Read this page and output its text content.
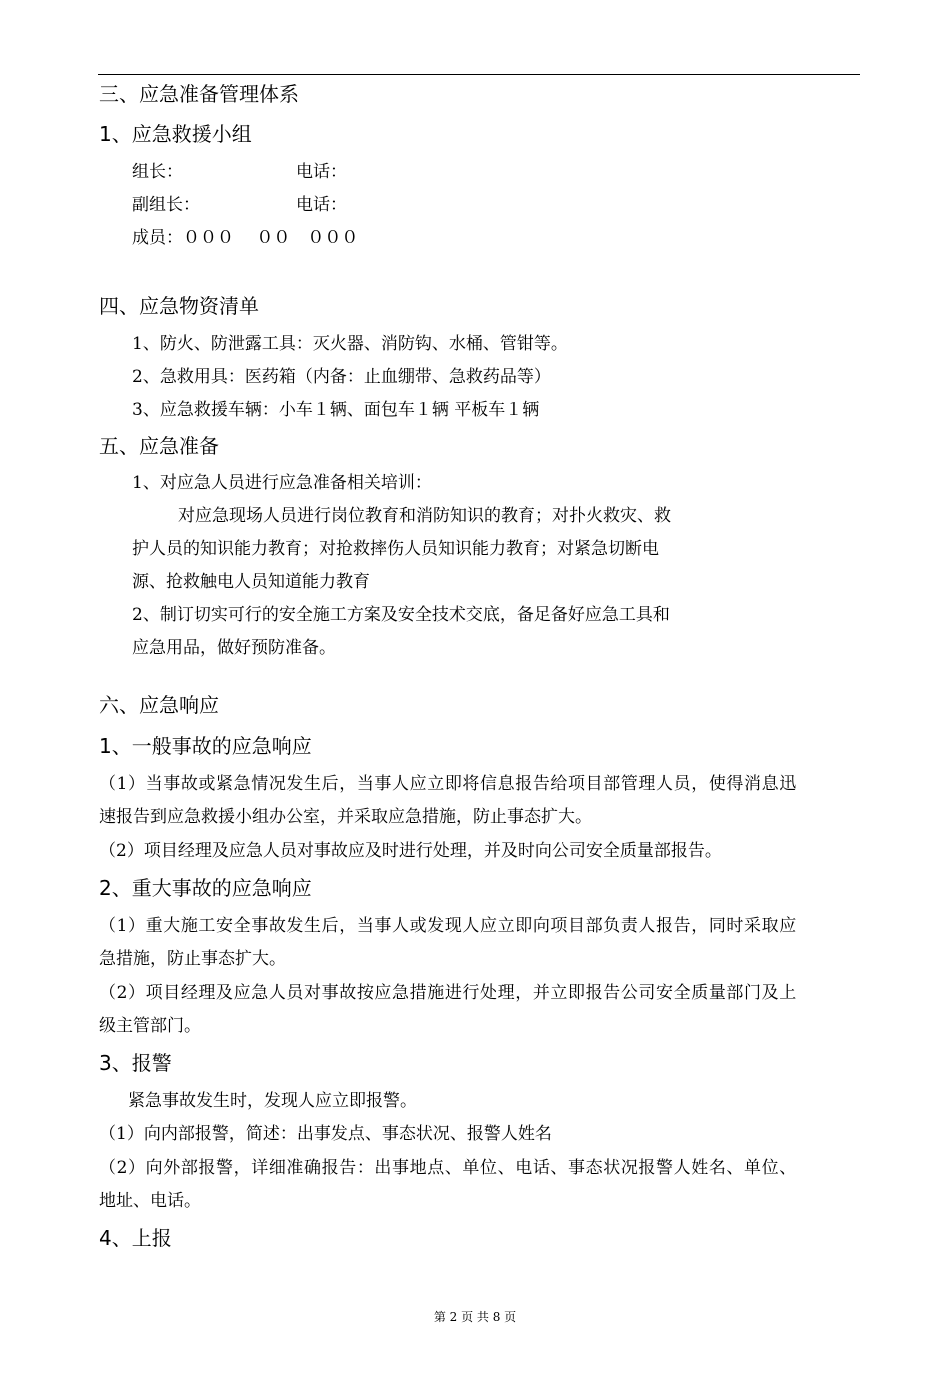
三、应急准备管理体系
1、应急救援小组
组长：	电话：
副组长：	电话：
成员：０００　 ００　０００
四、应急物资清单
1、防火、防泄露工具：灭火器、消防钩、水桶、管钳等。
2、急救用具：医药箱（内备：止血绷带、急救药品等）
3、应急救援车辆：小车１辆、面包车１辆 平板车１辆
五、应急准备
1、对应急人员进行应急准备相关培训：
对应急现场人员进行岗位教育和消防知识的教育；对扑火救灾、救
护人员的知识能力教育；对抢救摔伤人员知识能力教育；对紧急切断电
源、抢救触电人员知道能力教育
2、制订切实可行的安全施工方案及安全技术交底，备足备好应急工具和
应急用品，做好预防准备。
六、应急响应
1、一般事故的应急响应
（1）当事故或紧急情况发生后，当事人应立即将信息报告给项目部管理人员，使得消息迅
速报告到应急救援小组办公室，并采取应急措施，防止事态扩大。
（2）项目经理及应急人员对事故应及时进行处理，并及时向公司安全质量部报告。
2、重大事故的应急响应
（1）重大施工安全事故发生后，当事人或发现人应立即向项目部负责人报告，同时采取应
急措施，防止事态扩大。
（2）项目经理及应急人员对事故按应急措施进行处理，并立即报告公司安全质量部门及上
级主管部门。
3、报警
紧急事故发生时，发现人应立即报警。
（1）向内部报警，简述：出事发点、事态状况、报警人姓名
（2）向外部报警，详细准确报告：出事地点、单位、电话、事态状况报警人姓名、单位、
地址、电话。
4、上报
第 2 页 共 8 页
